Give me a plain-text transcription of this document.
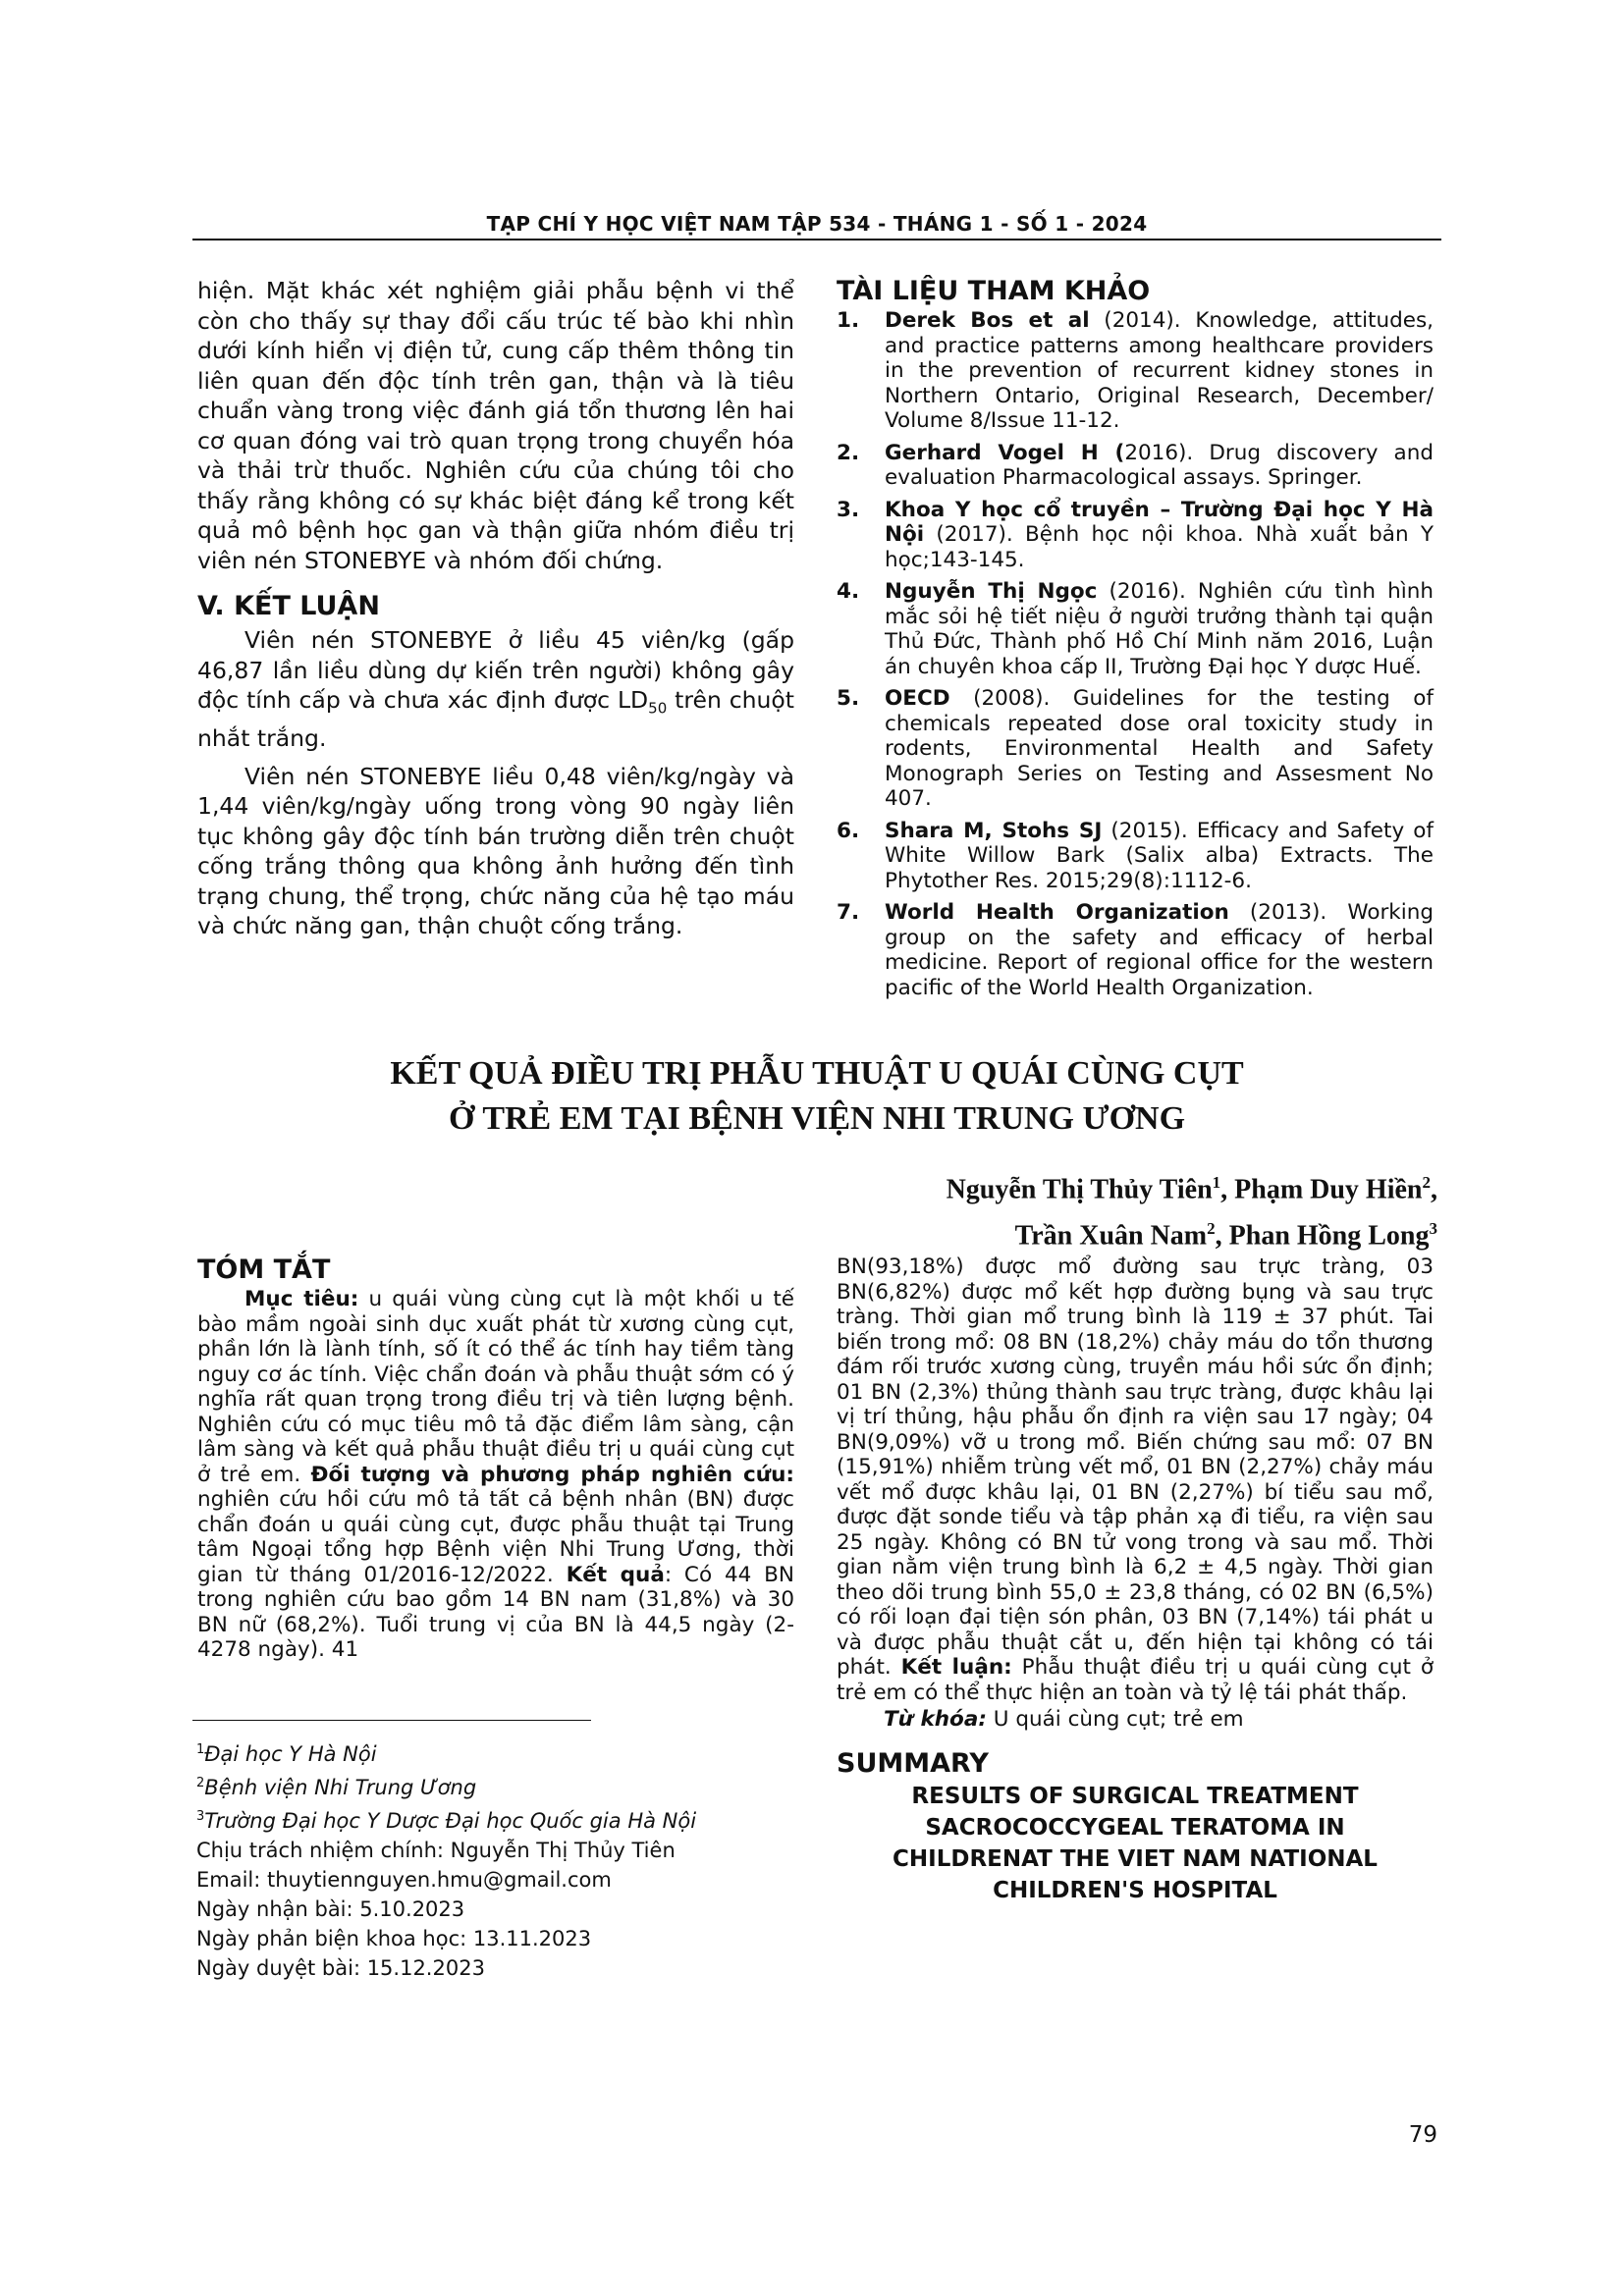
TẠP CHÍ Y HỌC VIỆT NAM TẬP 534 - THÁNG 1 - SỐ 1 - 2024

hiện. Mặt khác xét nghiệm giải phẫu bệnh vi thể còn cho thấy sự thay đổi cấu trúc tế bào khi nhìn dưới kính hiển vị điện tử, cung cấp thêm thông tin liên quan đến độc tính trên gan, thận và là tiêu chuẩn vàng trong việc đánh giá tổn thương lên hai cơ quan đóng vai trò quan trọng trong chuyển hóa và thải trừ thuốc. Nghiên cứu của chúng tôi cho thấy rằng không có sự khác biệt đáng kể trong kết quả mô bệnh học gan và thận giữa nhóm điều trị viên nén STONEBYE và nhóm đối chứng.

V. KẾT LUẬN

Viên nén STONEBYE ở liều 45 viên/kg (gấp 46,87 lần liều dùng dự kiến trên người) không gây độc tính cấp và chưa xác định được $LD_{50}$ trên chuột nhắt trắng.

Viên nén STONEBYE liều 0,48 viên/kg/ngày và 1,44 viên/kg/ngày uống trong vòng 90 ngày liên tục không gây độc tính bán trường diễn trên chuột cống trắng thông qua không ảnh hưởng đến tình trạng chung, thể trọng, chức năng của hệ tạo máu và chức năng gan, thận chuột cống trắng.

TÀI LIỆU THAM KHẢO
1. Derek Bos et al (2014). Knowledge, attitudes, and practice patterns among healthcare providers in the prevention of recurrent kidney stones in Northern Ontario, Original Research, December/ Volume 8/Issue 11-12.
2. Gerhard Vogel H (2016). Drug discovery and evaluation Pharmacological assays. Springer.
3. Khoa Y học cổ truyền – Trường Đại học Y Hà Nội (2017). Bệnh học nội khoa. Nhà xuất bản Y học;143-145.
4. Nguyễn Thị Ngọc (2016). Nghiên cứu tình hình mắc sỏi hệ tiết niệu ở người trưởng thành tại quận Thủ Đức, Thành phố Hồ Chí Minh năm 2016, Luận án chuyên khoa cấp II, Trường Đại học Y dược Huế.
5. OECD (2008). Guidelines for the testing of chemicals repeated dose oral toxicity study in rodents, Environmental Health and Safety Monograph Series on Testing and Assesment No 407.
6. Shara M, Stohs SJ (2015). Efficacy and Safety of White Willow Bark (Salix alba) Extracts. The Phytother Res. 2015;29(8):1112-6.
7. World Health Organization (2013). Working group on the safety and efficacy of herbal medicine. Report of regional office for the western pacific of the World Health Organization.
KẾT QUẢ ĐIỀU TRỊ PHẪU THUẬT U QUÁI CÙNG CỤT
Ở TRẺ EM TẠI BỆNH VIỆN NHI TRUNG ƯƠNG
Nguyễn Thị Thủy Tiên$^1$, Phạm Duy Hiền$^2$,
Trần Xuân Nam$^2$, Phan Hồng Long$^3$
TÓM TẮT

Mục tiêu: u quái vùng cùng cụt là một khối u tế bào mầm ngoài sinh dục xuất phát từ xương cùng cụt, phần lớn là lành tính, số ít có thể ác tính hay tiềm tàng nguy cơ ác tính. Việc chẩn đoán và phẫu thuật sớm có ý nghĩa rất quan trọng trong điều trị và tiên lượng bệnh. Nghiên cứu có mục tiêu mô tả đặc điểm lâm sàng, cận lâm sàng và kết quả phẫu thuật điều trị u quái cùng cụt ở trẻ em. Đối tượng và phương pháp nghiên cứu: nghiên cứu hồi cứu mô tả tất cả bệnh nhân (BN) được chẩn đoán u quái cùng cụt, được phẫu thuật tại Trung tâm Ngoại tổng hợp Bệnh viện Nhi Trung Ương, thời gian từ tháng 01/2016-12/2022. Kết quả: Có 44 BN trong nghiên cứu bao gồm 14 BN nam (31,8%) và 30 BN nữ (68,2%). Tuổi trung vị của BN là 44,5 ngày (2-4278 ngày). 41

$^1$Đại học Y Hà Nội
$^2$Bệnh viện Nhi Trung Ương
$^3$Trường Đại học Y Dược Đại học Quốc gia Hà Nội
Chịu trách nhiệm chính: Nguyễn Thị Thủy Tiên
Email: thuytiennguyen.hmu@gmail.com
Ngày nhận bài: 5.10.2023
Ngày phản biện khoa học: 13.11.2023
Ngày duyệt bài: 15.12.2023

BN(93,18%) được mổ đường sau trực tràng, 03 BN(6,82%) được mổ kết hợp đường bụng và sau trực tràng. Thời gian mổ trung bình là 119 ± 37 phút. Tai biến trong mổ: 08 BN (18,2%) chảy máu do tổn thương đám rối trước xương cùng, truyền máu hồi sức ổn định; 01 BN (2,3%) thủng thành sau trực tràng, được khâu lại vị trí thủng, hậu phẫu ổn định ra viện sau 17 ngày; 04 BN(9,09%) vỡ u trong mổ. Biến chứng sau mổ: 07 BN (15,91%) nhiễm trùng vết mổ, 01 BN (2,27%) chảy máu vết mổ được khâu lại, 01 BN (2,27%) bí tiểu sau mổ, được đặt sonde tiểu và tập phản xạ đi tiểu, ra viện sau 25 ngày. Không có BN tử vong trong và sau mổ. Thời gian nằm viện trung bình là 6,2 ± 4,5 ngày. Thời gian theo dõi trung bình 55,0 ± 23,8 tháng, có 02 BN (6,5%) có rối loạn đại tiện són phân, 03 BN (7,14%) tái phát u và được phẫu thuật cắt u, đến hiện tại không có tái phát. Kết luận: Phẫu thuật điều trị u quái cùng cụt ở trẻ em có thể thực hiện an toàn và tỷ lệ tái phát thấp.

Từ khóa: U quái cùng cụt; trẻ em

SUMMARY
RESULTS OF SURGICAL TREATMENT
SACROCOCCYGEAL TERATOMA IN
CHILDRENAT THE VIET NAM NATIONAL
CHILDREN'S HOSPITAL
79
